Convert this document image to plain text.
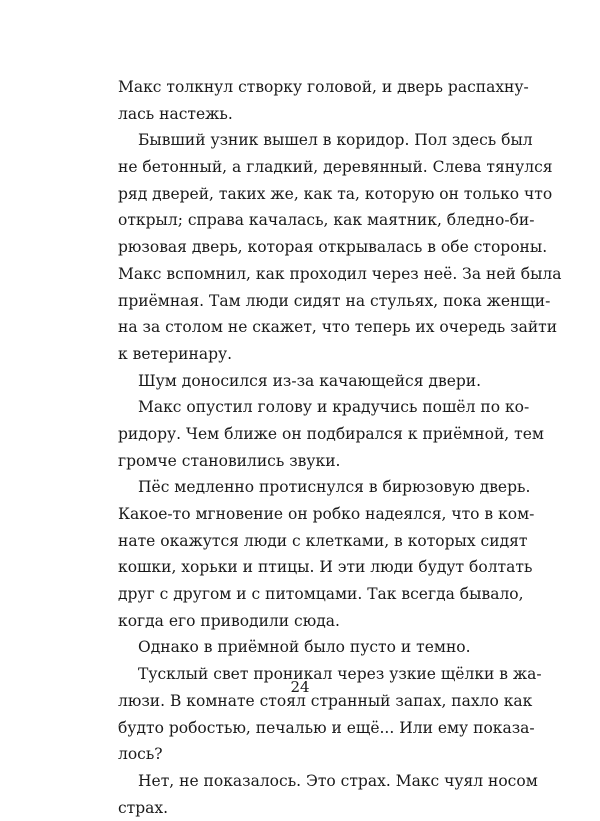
Макс толкнул створку головой, и дверь распахну-
лась настежь.
Бывший узник вышел в коридор. Пол здесь был
не бетонный, а гладкий, деревянный. Слева тянулся
ряд дверей, таких же, как та, которую он только что
открыл; справа качалась, как маятник, бледно-би-
рюзовая дверь, которая открывалась в обе стороны.
Макс вспомнил, как проходил через неё. За ней была
приёмная. Там люди сидят на стульях, пока женщи-
на за столом не скажет, что теперь их очередь зайти
к ветеринару.
Шум доносился из-за качающейся двери.
Макс опустил голову и крадучись пошёл по ко-
ридору. Чем ближе он подбирался к приёмной, тем
громче становились звуки.
Пёс медленно протиснулся в бирюзовую дверь.
Какое-то мгновение он робко надеялся, что в ком-
нате окажутся люди с клетками, в которых сидят
кошки, хорьки и птицы. И эти люди будут болтать
друг с другом и с питомцами. Так всегда бывало,
когда его приводили сюда.
Однако в приёмной было пусто и темно.
Тусклый свет проникал через узкие щёлки в жа-
люзи. В комнате стоял странный запах, пахло как
будто робостью, печалью и ещё... Или ему показа-
лось?
Нет, не показалось. Это страх. Макс чуял носом
страх.
24
